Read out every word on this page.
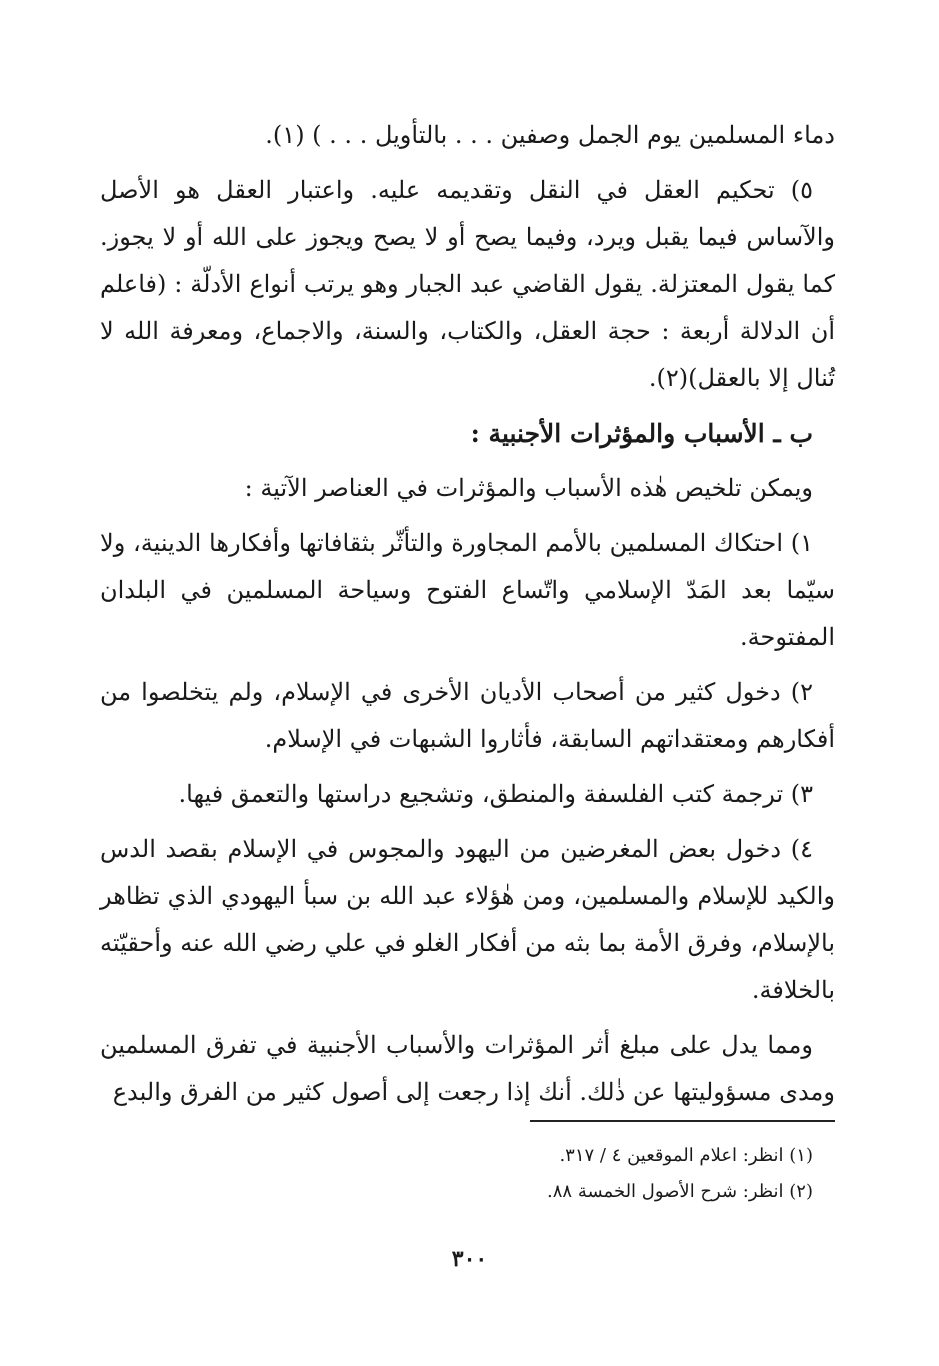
دماء المسلمين يوم الجمل وصفين . . . بالتأويل . . . ) (١).

٥) تحكيم العقل في النقل وتقديمه عليه. واعتبار العقل هو الأصل والآساس فيما يقبل ويرد، وفيما يصح أو لا يصح ويجوز على الله أو لا يجوز. كما يقول المعتزلة. يقول القاضي عبد الجبار وهو يرتب أنواع الأدلّة : (فاعلم أن الدلالة أربعة : حجة العقل، والكتاب، والسنة، والاجماع، ومعرفة الله لا تُنال إلا بالعقل)(٢).

ب ـ الأسباب والمؤثرات الأجنبية :

ويمكن تلخيص هٰذه الأسباب والمؤثرات في العناصر الآتية :

١) احتكاك المسلمين بالأمم المجاورة والتأثّر بثقافاتها وأفكارها الدينية، ولا سيّما بعد المَدّ الإسلامي واتّساع الفتوح وسياحة المسلمين في البلدان المفتوحة.

٢) دخول كثير من أصحاب الأديان الأخرى في الإسلام، ولم يتخلصوا من أفكارهم ومعتقداتهم السابقة، فأثاروا الشبهات في الإسلام.

٣) ترجمة كتب الفلسفة والمنطق، وتشجيع دراستها والتعمق فيها.

٤) دخول بعض المغرضين من اليهود والمجوس في الإسلام بقصد الدس والكيد للإسلام والمسلمين، ومن هٰؤلاء عبد الله بن سبأ اليهودي الذي تظاهر بالإسلام، وفرق الأمة بما بثه من أفكار الغلو في علي رضي الله عنه وأحقيّته بالخلافة.

ومما يدل على مبلغ أثر المؤثرات والأسباب الأجنبية في تفرق المسلمين ومدى مسؤوليتها عن ذٰلك. أنك إذا رجعت إلى أصول كثير من الفرق والبدع

(١) انظر: اعلام الموقعين ٤ / ٣١٧.

(٢) انظر: شرح الأصول الخمسة ٨٨.

٣٠٠
